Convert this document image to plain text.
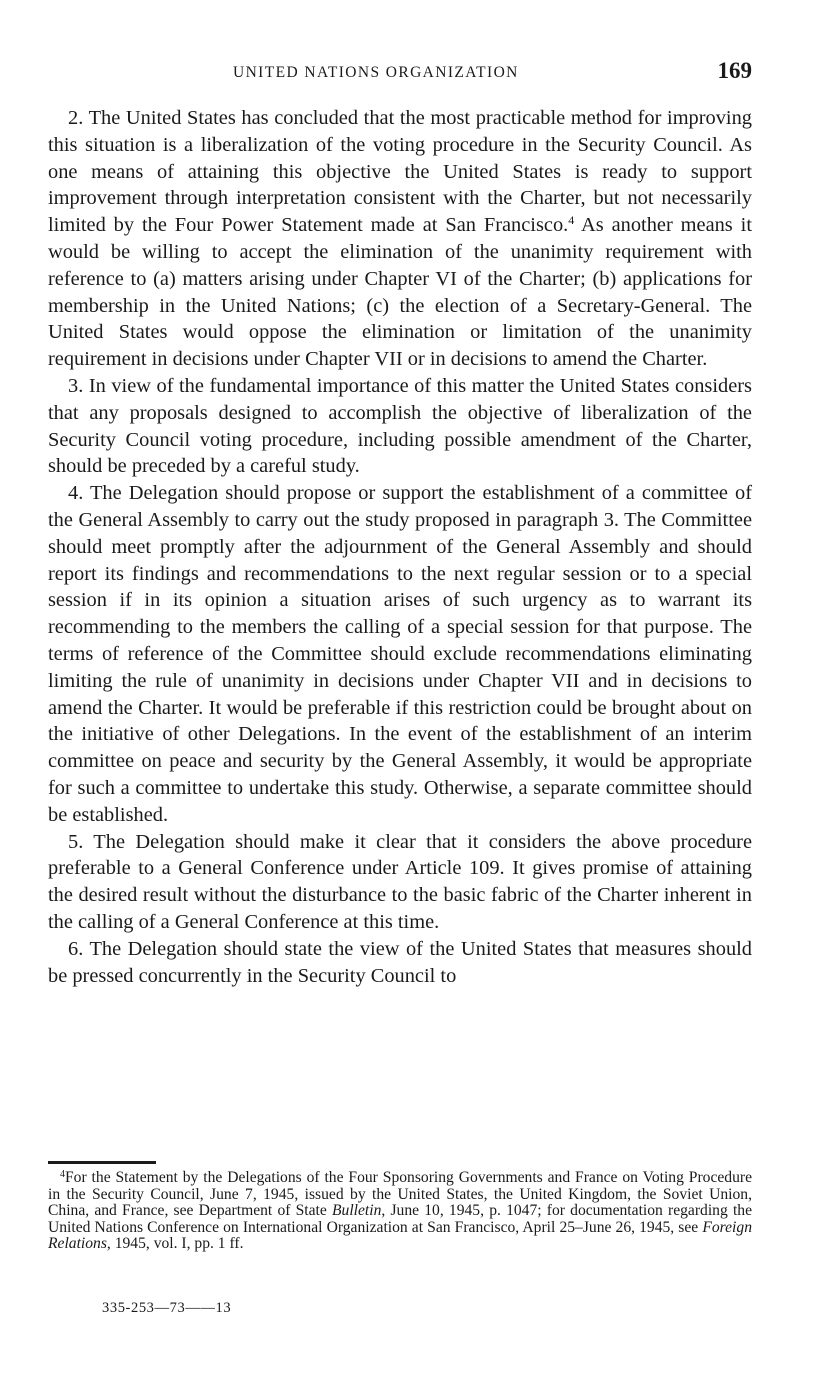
UNITED NATIONS ORGANIZATION	169

2. The United States has concluded that the most practicable method for improving this situation is a liberalization of the voting procedure in the Security Council. As one means of attaining this objective the United States is ready to support improvement through interpretation consistent with the Charter, but not necessarily limited by the Four Power Statement made at San Francisco.$^4$ As another means it would be willing to accept the elimination of the unanimity requirement with reference to (a) matters arising under Chapter VI of the Charter; (b) applications for membership in the United Nations; (c) the election of a Secretary-General. The United States would oppose the elimination or limitation of the unanimity requirement in decisions under Chapter VII or in decisions to amend the Charter.

3. In view of the fundamental importance of this matter the United States considers that any proposals designed to accomplish the objective of liberalization of the Security Council voting procedure, including possible amendment of the Charter, should be preceded by a careful study.

4. The Delegation should propose or support the establishment of a committee of the General Assembly to carry out the study proposed in paragraph 3. The Committee should meet promptly after the adjournment of the General Assembly and should report its findings and recommendations to the next regular session or to a special session if in its opinion a situation arises of such urgency as to warrant its recommending to the members the calling of a special session for that purpose. The terms of reference of the Committee should exclude recommendations eliminating limiting the rule of unanimity in decisions under Chapter VII and in decisions to amend the Charter. It would be preferable if this restriction could be brought about on the initiative of other Delegations. In the event of the establishment of an interim committee on peace and security by the General Assembly, it would be appropriate for such a committee to undertake this study. Otherwise, a separate committee should be established.

5. The Delegation should make it clear that it considers the above procedure preferable to a General Conference under Article 109. It gives promise of attaining the desired result without the disturbance to the basic fabric of the Charter inherent in the calling of a General Conference at this time.

6. The Delegation should state the view of the United States that measures should be pressed concurrently in the Security Council to

$^4$For the Statement by the Delegations of the Four Sponsoring Governments and France on Voting Procedure in the Security Council, June 7, 1945, issued by the United States, the United Kingdom, the Soviet Union, China, and France, see Department of State Bulletin, June 10, 1945, p. 1047; for documentation regarding the United Nations Conference on International Organization at San Francisco, April 25–June 26, 1945, see Foreign Relations, 1945, vol. I, pp. 1 ff.

335-253—73——13
